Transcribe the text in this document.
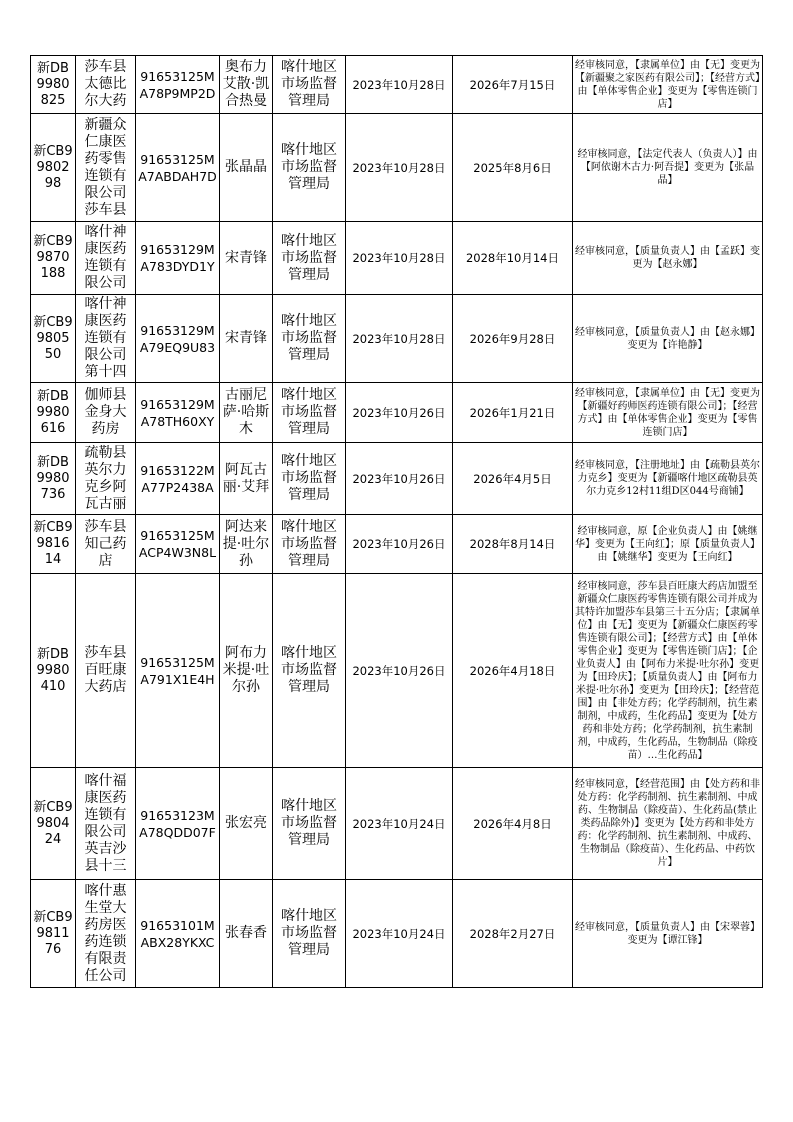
新DB9980825	莎车县太德比尔大药	91653125MA78P9MP2D	奥布力艾散·凯合热曼	喀什地区市场监督管理局	2023年10月28日	2026年7月15日	经审核同意，【隶属单位】由【无】变更为【新疆聚之家医药有限公司】；【经营方式】由【单体零售企业】变更为【零售连锁门店】
新CB9980298	新疆众仁康医药零售连锁有限公司莎车县	91653125MA7ABDAH7D	张晶晶	喀什地区市场监督管理局	2023年10月28日	2025年8月6日	经审核同意，【法定代表人（负责人）】由【阿依谢木古力·阿吾提】变更为【张晶晶】
新CB99870188	喀什神康医药连锁有限公司	91653129MA783DYD1Y	宋青锋	喀什地区市场监督管理局	2023年10月28日	2028年10月14日	经审核同意，【质量负责人】由【孟跃】变更为【赵永娜】
新CB9980550	喀什神康医药连锁有限公司第十四	91653129MA79EQ9U83	宋青锋	喀什地区市场监督管理局	2023年10月28日	2026年9月28日	经审核同意，【质量负责人】由【赵永娜】变更为【许艳静】
新DB9980616	伽师县金身大药房	91653129MA78TH60XY	古丽尼萨·哈斯木	喀什地区市场监督管理局	2023年10月26日	2026年1月21日	经审核同意，【隶属单位】由【无】变更为【新疆好药师医药连锁有限公司】；【经营方式】由【单体零售企业】变更为【零售连锁门店】
新DB9980736	疏勒县英尔力克乡阿瓦古丽	91653122MA77P2438A	阿瓦古丽·艾拜	喀什地区市场监督管理局	2023年10月26日	2026年4月5日	经审核同意，【注册地址】由【疏勒县英尔力克乡】变更为【新疆喀什地区疏勒县英尔力克乡12村11组D区044号商铺】
新CB9981614	莎车县知己药店	91653125MACP4W3N8L	阿达来提·吐尔孙	喀什地区市场监督管理局	2023年10月26日	2028年8月14日	经审核同意，原【企业负责人】由【姚继华】变更为【王向红】；原【质量负责人】由【姚继华】变更为【王向红】
新DB9980410	莎车县百旺康大药店	91653125MA791X1E4H	阿布力米提·吐尔孙	喀什地区市场监督管理局	2023年10月26日	2026年4月18日	经审核同意，莎车县百旺康大药店加盟至新疆众仁康医药零售连锁有限公司并成为其特许加盟莎车县第三十五分店；【隶属单位】由【无】变更为【新疆众仁康医药零售连锁有限公司】；【经营方式】由【单体零售企业】变更为【零售连锁门店】；【企业负责人】由【阿布力米提·吐尔孙】变更为【田玲庆】；【质量负责人】由【阿布力米提·吐尔孙】变更为【田玲庆】；【经营范围】由【非处方药；化学药制剂，抗生素制剂，中成药，生化药品】变更为【处方药和非处方药；化学药制剂，抗生素制剂，中成药，生化药品，生物制品（除疫苗）…生化药品】
新CB9980424	喀什福康医药连锁有限公司英吉沙县十三	91653123MA78QDD07F	张宏亮	喀什地区市场监督管理局	2023年10月24日	2026年4月8日	经审核同意，【经营范围】由【处方药和非处方药：化学药制剂、抗生素制剂、中成药、生物制品（除疫苗）、生化药品(禁止类药品除外)】变更为【处方药和非处方药：化学药制剂、抗生素制剂、中成药、生物制品（除疫苗）、生化药品、中药饮片】
新CB9981176	喀什惠生堂大药房医药连锁有限责任公司	91653101MABX28YKXC	张春香	喀什地区市场监督管理局	2023年10月24日	2028年2月27日	经审核同意，【质量负责人】由【宋翠蓉】变更为【谭江锋】
